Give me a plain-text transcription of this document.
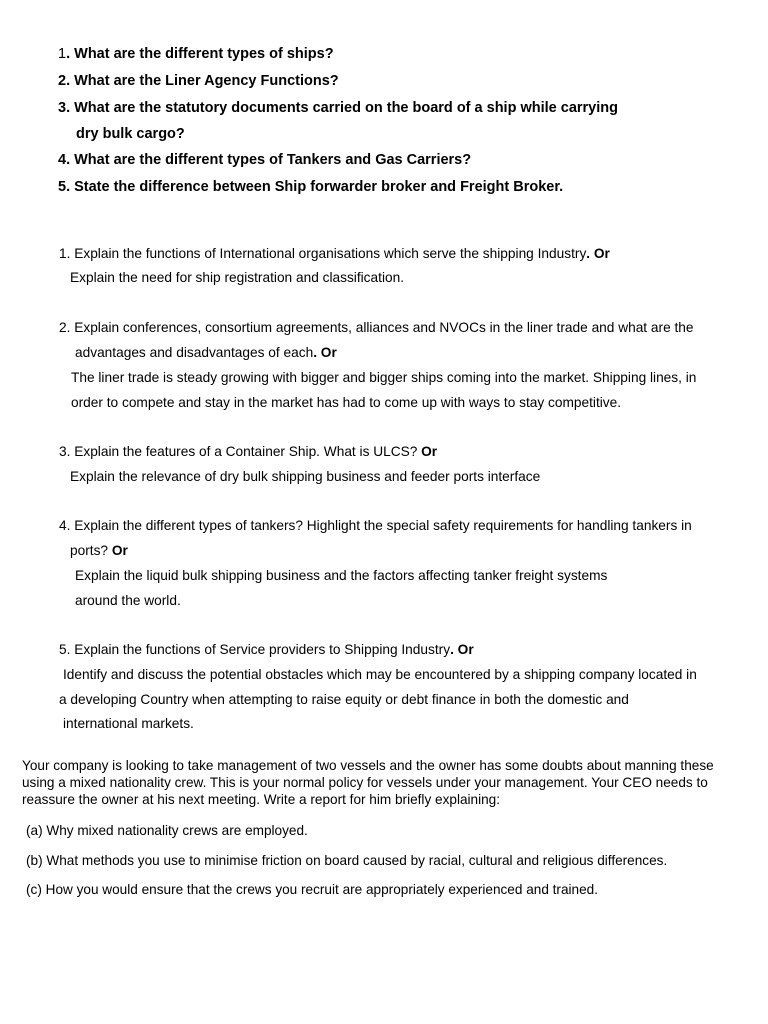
1. What are the different types of ships?
2. What are the Liner Agency Functions?
3. What are the statutory documents carried on the board of a ship while carrying
dry bulk cargo?
4. What are the different types of Tankers and Gas Carriers?
5. State the difference between Ship forwarder broker and Freight Broker.
1. Explain the functions of International organisations which serve the shipping Industry. Or
Explain the need for ship registration and classification.
2. Explain conferences, consortium agreements, alliances and NVOCs in the liner trade and what are the
advantages and disadvantages of each. Or
The liner trade is steady growing with bigger and bigger ships coming into the market. Shipping lines, in
order to compete and stay in the market has had to come up with ways to stay competitive.
3. Explain the features of a Container Ship. What is ULCS? Or
Explain the relevance of dry bulk shipping business and feeder ports interface
4. Explain the different types of tankers? Highlight the special safety requirements for handling tankers in
ports? Or
Explain the liquid bulk shipping business and the factors affecting tanker freight systems
around the world.
5. Explain the functions of Service providers to Shipping Industry. Or
Identify and discuss the potential obstacles which may be encountered by a shipping company located in
a developing Country when attempting to raise equity or debt finance in both the domestic and
international markets.
Your company is looking to take management of two vessels and the owner has some doubts about manning these
using a mixed nationality crew. This is your normal policy for vessels under your management. Your CEO needs to
reassure the owner at his next meeting. Write a report for him briefly explaining:
(a) Why mixed nationality crews are employed.
(b) What methods you use to minimise friction on board caused by racial, cultural and religious differences.
(c) How you would ensure that the crews you recruit are appropriately experienced and trained.
